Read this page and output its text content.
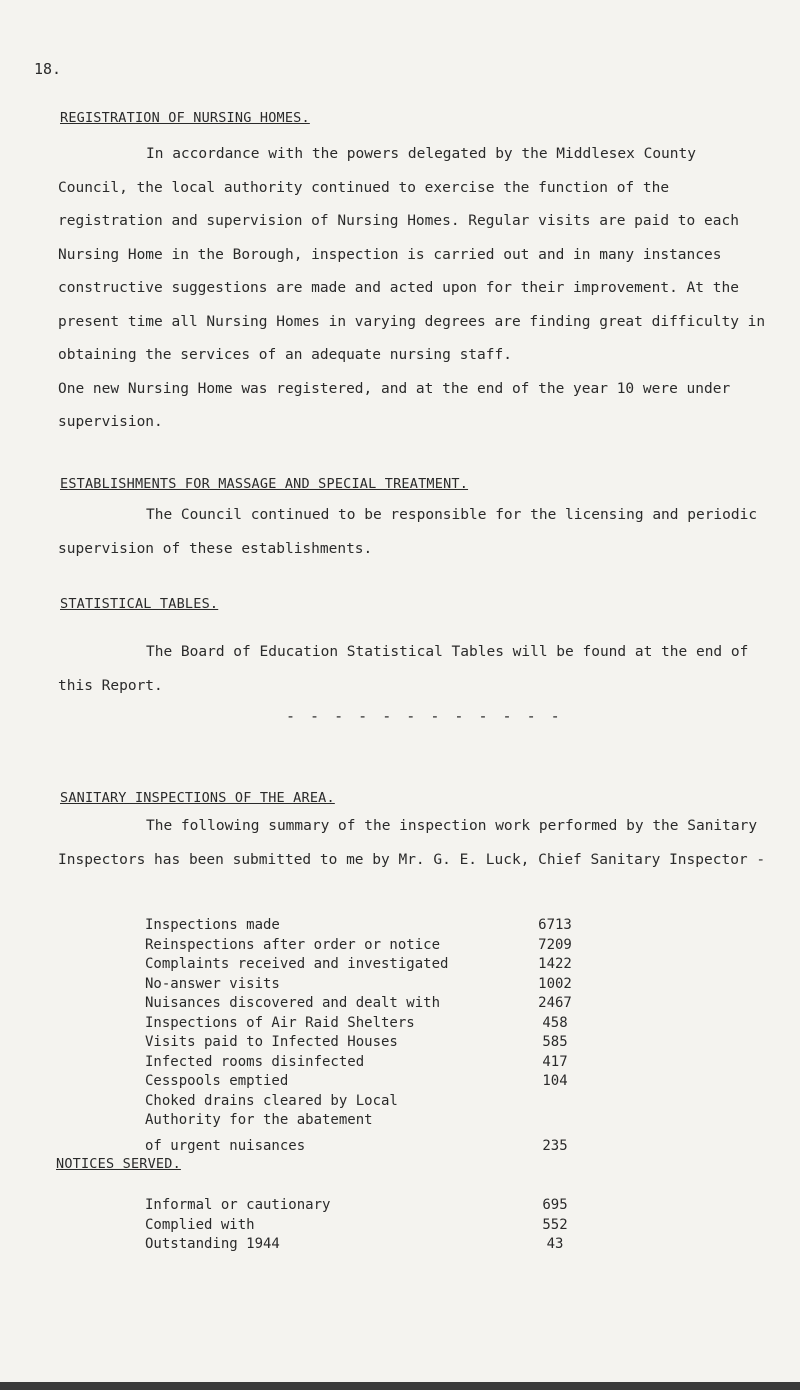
18.
REGISTRATION OF NURSING HOMES.

In accordance with the powers delegated by the Middlesex County Council, the local authority continued to exercise the function of the registration and supervision of Nursing Homes. Regular visits are paid to each Nursing Home in the Borough, inspection is carried out and in many instances constructive suggestions are made and acted upon for their improvement. At the present time all Nursing Homes in varying degrees are finding great difficulty in obtaining the services of an adequate nursing staff.
One new Nursing Home was registered, and at the end of the year 10 were under supervision.

ESTABLISHMENTS FOR MASSAGE AND SPECIAL TREATMENT.

The Council continued to be responsible for the licensing and periodic supervision of these establishments.

STATISTICAL TABLES.

The Board of Education Statistical Tables will be found at the end of this Report.

- - - - - - - - - - - -
SANITARY INSPECTIONS OF THE AREA.

The following summary of the inspection work performed by the Sanitary Inspectors has been submitted to me by Mr. G. E. Luck, Chief Sanitary Inspector -

Inspections made	6713
Reinspections after order or notice	7209
Complaints received and investigated	1422
No-answer visits	1002
Nuisances discovered and dealt with	2467
Inspections of Air Raid Shelters	458
Visits paid to Infected Houses	585
Infected rooms disinfected	417
Cesspools emptied	104
Choked drains cleared by Local	
Authority for the abatement	
of urgent nuisances	235
NOTICES SERVED.
Informal or cautionary	695
Complied with	552
Outstanding 1944	43
